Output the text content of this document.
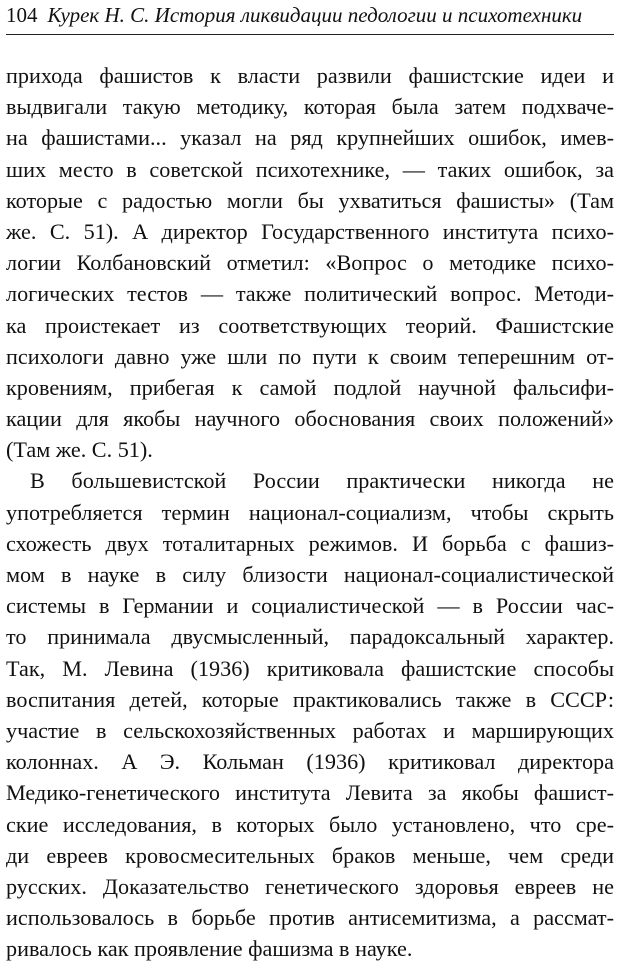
104 Курек Н. С. История ликвидации педологии и психотехники
прихода фашистов к власти развили фашистские идеи и
выдвигали такую методику, которая была затем подхваче-
на фашистами... указал на ряд крупнейших ошибок, имев-
ших место в советской психотехнике, — таких ошибок, за
которые с радостью могли бы ухватиться фашисты» (Там
же. С. 51). А директор Государственного института психо-
логии Колбановский отметил: «Вопрос о методике психо-
логических тестов — также политический вопрос. Методи-
ка проистекает из соответствующих теорий. Фашистские
психологи давно уже шли по пути к своим теперешним от-
кровениям, прибегая к самой подлой научной фальсифи-
кации для якобы научного обоснования своих положений»
(Там же. С. 51).
В большевистской России практически никогда не
употребляется термин национал-социализм, чтобы скрыть
схожесть двух тоталитарных режимов. И борьба с фашиз-
мом в науке в силу близости национал-социалистической
системы в Германии и социалистической — в России час-
то принимала двусмысленный, парадоксальный характер.
Так, М. Левина (1936) критиковала фашистские способы
воспитания детей, которые практиковались также в СССР:
участие в сельскохозяйственных работах и марширующих
колоннах. А Э. Кольман (1936) критиковал директора
Медико-генетического института Левита за якобы фашист-
ские исследования, в которых было установлено, что сре-
ди евреев кровосмесительных браков меньше, чем среди
русских. Доказательство генетического здоровья евреев не
использовалось в борьбе против антисемитизма, а рассмат-
ривалось как проявление фашизма в науке.
